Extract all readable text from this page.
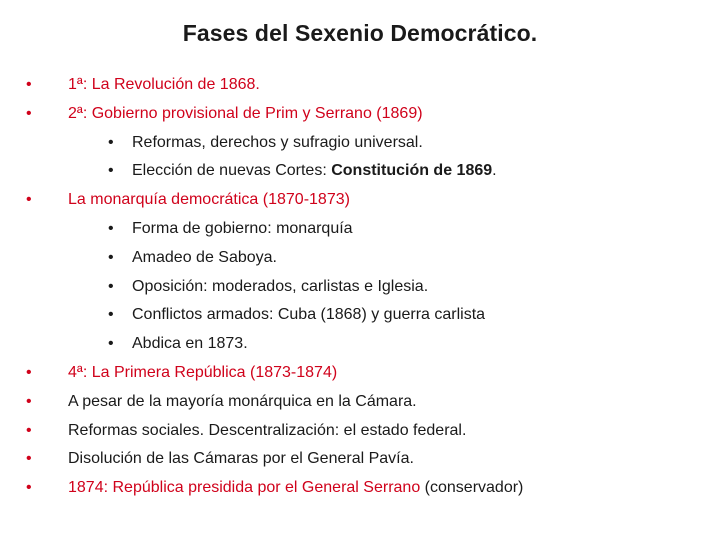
Fases del Sexenio Democrático.
• 1ª: La Revolución de 1868.
• 2ª: Gobierno provisional de Prim y Serrano (1869)
• Reformas, derechos y sufragio universal.
• Elección de nuevas Cortes: Constitución de 1869.
• La monarquía democrática (1870-1873)
• Forma de gobierno: monarquía
• Amadeo de Saboya.
• Oposición: moderados, carlistas e Iglesia.
• Conflictos armados: Cuba (1868) y guerra carlista
• Abdica en 1873.
• 4ª: La Primera República (1873-1874)
• A pesar de la mayoría monárquica en la Cámara.
• Reformas sociales. Descentralización: el estado federal.
• Disolución de las Cámaras por el General Pavía.
• 1874: República presidida por el General Serrano (conservador)
